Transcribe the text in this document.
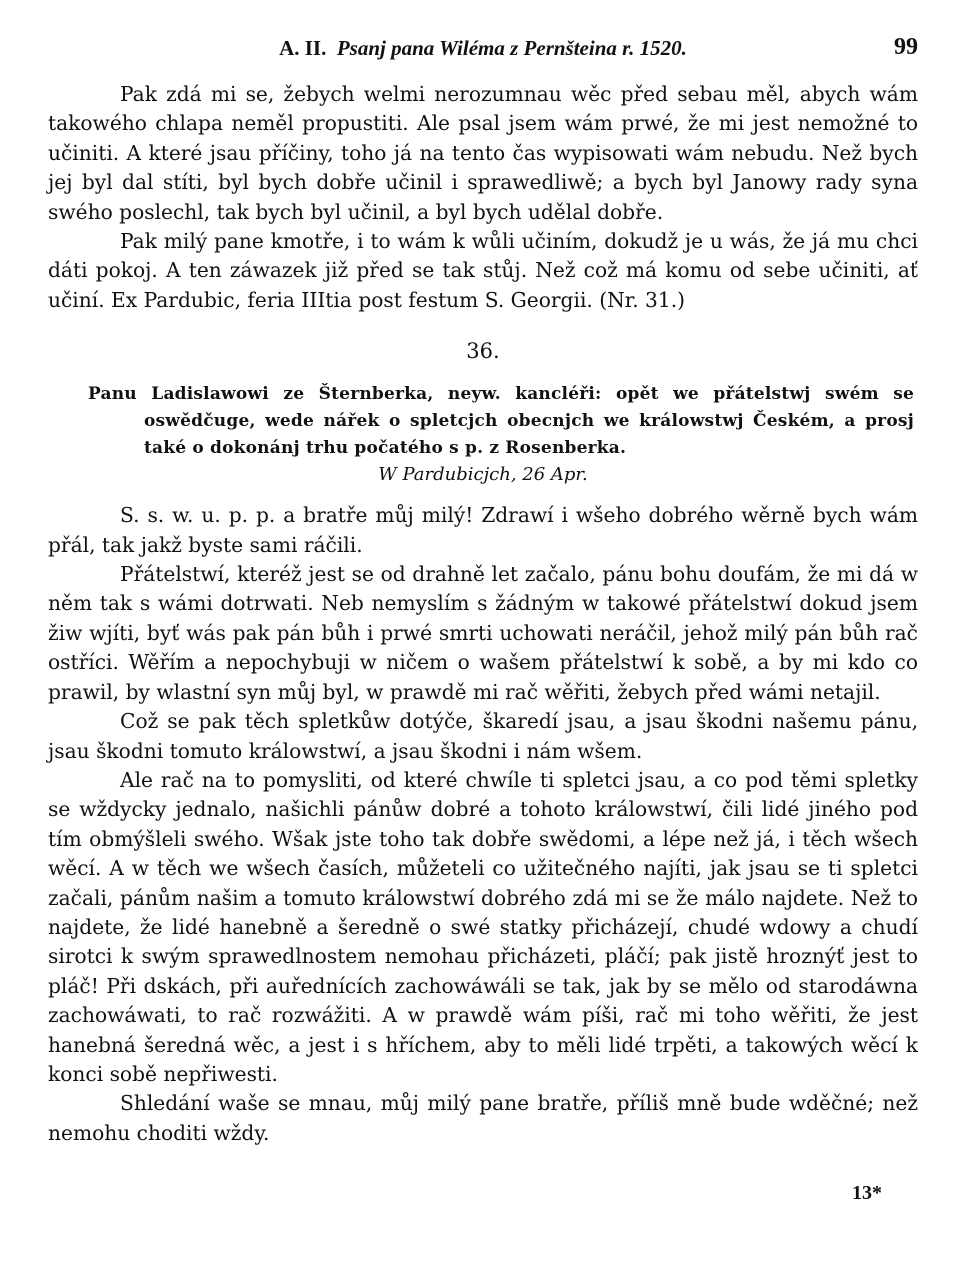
A. II. Psanj pana Wiléma z Pernšteina r. 1520.	99

Pak zdá mi se, žebych welmi nerozumnau wěc před sebau měl, abych wám takowého chlapa neměl propustiti. Ale psal jsem wám prwé, že mi jest nemožné to učiniti. A které jsau příčiny, toho já na tento čas wypisowati wám nebudu. Než bych jej byl dal stíti, byl bych dobře učinil i sprawedliwě; a bych byl Janowy rady syna swého poslechl, tak bych byl učinil, a byl bych udělal dobře.

Pak milý pane kmotře, i to wám k wůli učiním, dokudž je u wás, že já mu chci dáti pokoj. A ten záwazek již před se tak stůj. Než což má komu od sebe učiniti, ať učiní. Ex Pardubic, feria IIItia post festum S. Georgii. (Nr. 31.)

36.
Panu Ladislawowi ze Šternberka, neyw. kancléři: opět we přátelstwj swém se oswědčuge, wede nářek o spletcjch obecnjch we králowstwj Českém, a prosj také o dokonánj trhu počatého s p. z Rosenberka.
W Pardubicjch, 26 Apr.

S. s. w. u. p. p. a bratře můj milý! Zdrawí i wšeho dobrého wěrně bych wám přál, tak jakž byste sami ráčili.

Přátelstwí, kteréž jest se od drahně let začalo, pánu bohu doufám, že mi dá w něm tak s wámi dotrwati. Neb nemyslím s žádným w takowé přátelstwí dokud jsem žiw wjíti, byť wás pak pán bůh i prwé smrti uchowati neráčil, jehož milý pán bůh rač ostříci. Wěřím a nepochybuji w ničem o wašem přátelstwí k sobě, a by mi kdo co prawil, by wlastní syn můj byl, w prawdě mi rač wěřiti, žebych před wámi netajil.

Což se pak těch spletkůw dotýče, škaredí jsau, a jsau škodni našemu pánu, jsau škodni tomuto králowstwí, a jsau škodni i nám wšem.

Ale rač na to pomysliti, od které chwíle ti spletci jsau, a co pod těmi spletky se wždycky jednalo, našichli pánůw dobré a tohoto králowstwí, čili lidé jiného pod tím obmýšleli swého. Wšak jste toho tak dobře swědomi, a lépe než já, i těch wšech wěcí. A w těch we wšech časích, můžeteli co užitečného najíti, jak jsau se ti spletci začali, pánům našim a tomuto králowstwí dobrého zdá mi se že málo najdete. Než to najdete, že lidé hanebně a šeredně o swé statky přicházejí, chudé wdowy a chudí sirotci k swým sprawedlnostem nemohau přicházeti, pláčí; pak jistě hroznýť jest to pláč! Při dskách, při auřednících zachowáwáli se tak, jak by se mělo od starodáwna zachowáwati, to rač rozwážiti. A w prawdě wám píši, rač mi toho wěřiti, že jest hanebná šeredná wěc, a jest i s hříchem, aby to měli lidé trpěti, a takowých wěcí k konci sobě nepřiwesti.

Shledání waše se mnau, můj milý pane bratře, příliš mně bude wděčné; než nemohu choditi wždy.

13*
